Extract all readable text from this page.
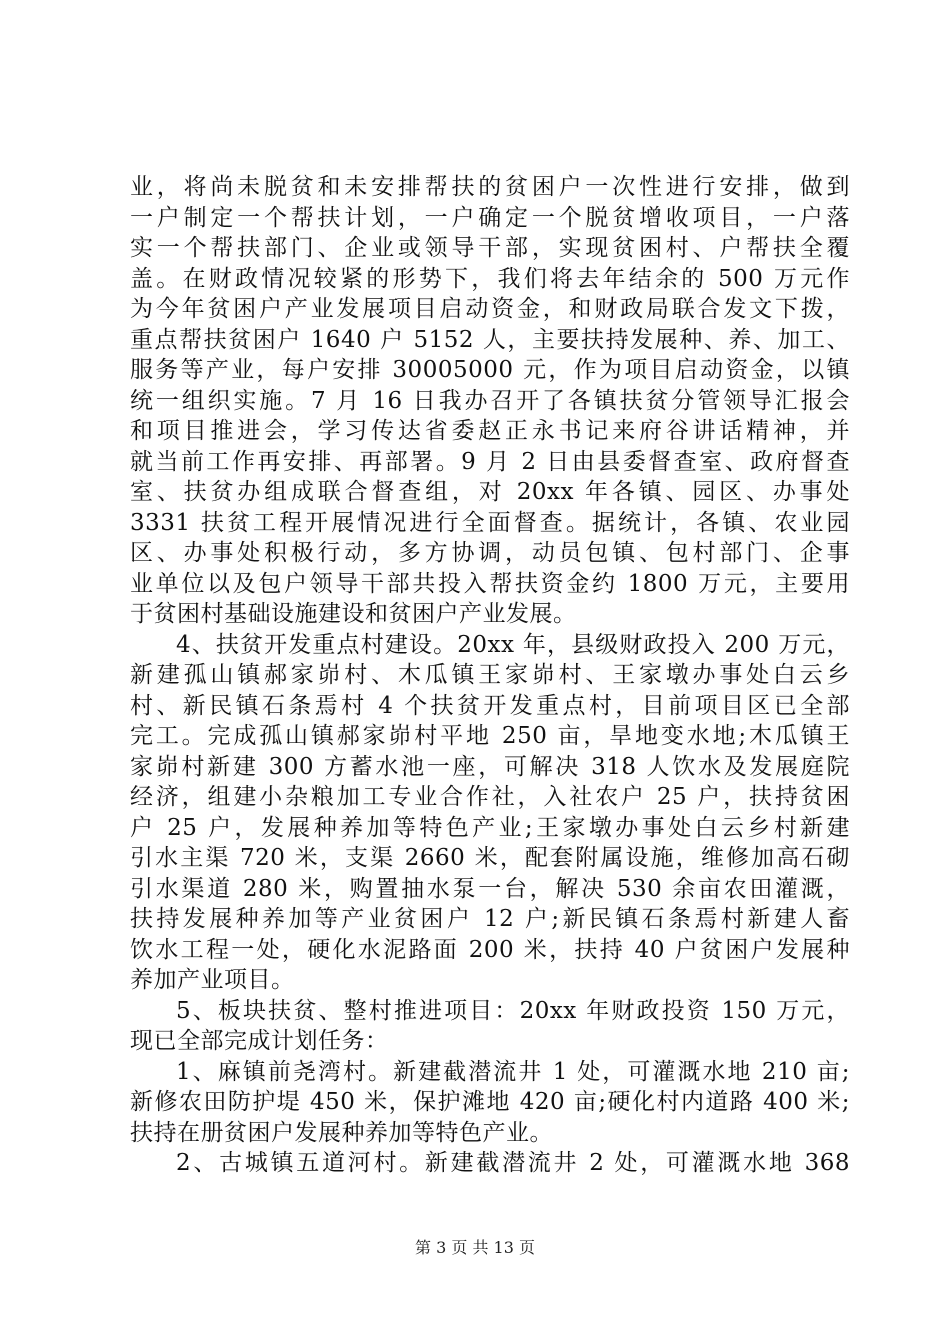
业，将尚未脱贫和未安排帮扶的贫困户一次性进行安排，做到
一户制定一个帮扶计划，一户确定一个脱贫增收项目，一户落
实一个帮扶部门、企业或领导干部，实现贫困村、户帮扶全覆
盖。在财政情况较紧的形势下，我们将去年结余的 500 万元作
为今年贫困户产业发展项目启动资金，和财政局联合发文下拨，
重点帮扶贫困户 1640 户 5152 人，主要扶持发展种、养、加工、
服务等产业，每户安排 30005000 元，作为项目启动资金，以镇
统一组织实施。7 月 16 日我办召开了各镇扶贫分管领导汇报会
和项目推进会，学习传达省委赵正永书记来府谷讲话精神，并
就当前工作再安排、再部署。9 月 2 日由县委督查室、政府督查
室、扶贫办组成联合督查组，对 20xx 年各镇、园区、办事处
3331 扶贫工程开展情况进行全面督查。据统计，各镇、农业园
区、办事处积极行动，多方协调，动员包镇、包村部门、企事
业单位以及包户领导干部共投入帮扶资金约 1800 万元，主要用
于贫困村基础设施建设和贫困户产业发展。
4、扶贫开发重点村建设。20xx 年，县级财政投入 200 万元，
新建孤山镇郝家峁村、木瓜镇王家峁村、王家墩办事处白云乡
村、新民镇石条焉村 4 个扶贫开发重点村，目前项目区已全部
完工。完成孤山镇郝家峁村平地 250 亩，旱地变水地;木瓜镇王
家峁村新建 300 方蓄水池一座，可解决 318 人饮水及发展庭院
经济，组建小杂粮加工专业合作社，入社农户 25 户，扶持贫困
户 25 户，发展种养加等特色产业;王家墩办事处白云乡村新建
引水主渠 720 米，支渠 2660 米，配套附属设施，维修加高石砌
引水渠道 280 米，购置抽水泵一台，解决 530 余亩农田灌溉，
扶持发展种养加等产业贫困户 12 户;新民镇石条焉村新建人畜
饮水工程一处，硬化水泥路面 200 米，扶持 40 户贫困户发展种
养加产业项目。
5、板块扶贫、整村推进项目：20xx 年财政投资 150 万元，
现已全部完成计划任务：
1、麻镇前尧湾村。新建截潜流井 1 处，可灌溉水地 210 亩;
新修农田防护堤 450 米，保护滩地 420 亩;硬化村内道路 400 米;
扶持在册贫困户发展种养加等特色产业。
2、古城镇五道河村。新建截潜流井 2 处，可灌溉水地 368
第 3 页 共 13 页
